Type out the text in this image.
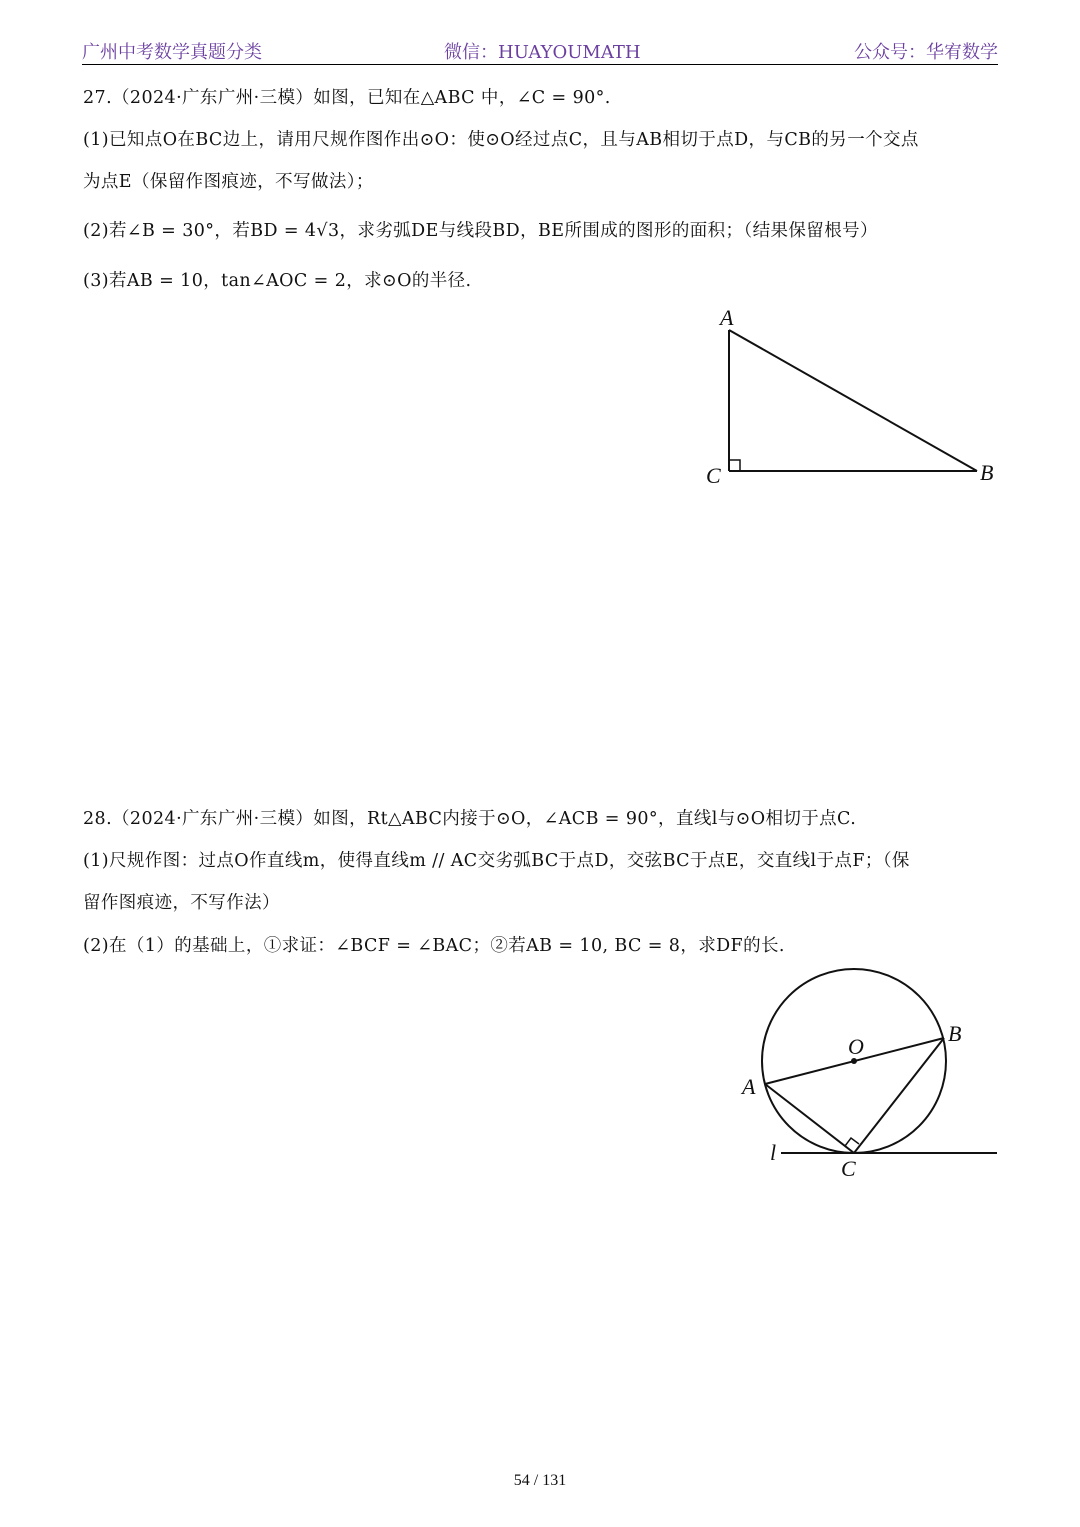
广州中考数学真题分类	微信：HUAYOUMATH	公众号：华宥数学
27.（2024·广东广州·三模）如图，已知在△ABC 中，∠C = 90°.
(1)已知点O在BC边上，请用尺规作图作出⊙O：使⊙O经过点C，且与AB相切于点D，与CB的另一个交点
为点E（保留作图痕迹，不写做法）；
(2)若∠B = 30°，若BD = 4√3，求劣弧DE与线段BD，BE所围成的图形的面积；（结果保留根号）
(3)若AB = 10，tan∠AOC = 2，求⊙O的半径.
A
B
C
28.（2024·广东广州·三模）如图，Rt△ABC内接于⊙O，∠ACB = 90°，直线l与⊙O相切于点C.
(1)尺规作图：过点O作直线m，使得直线m // AC交劣弧BC于点D，交弦BC于点E，交直线l于点F；（保
留作图痕迹，不写作法）
(2)在（1）的基础上，①求证：∠BCF = ∠BAC；②若AB = 10, BC = 8，求DF的长.
O
A
B
C
l
54 / 131
